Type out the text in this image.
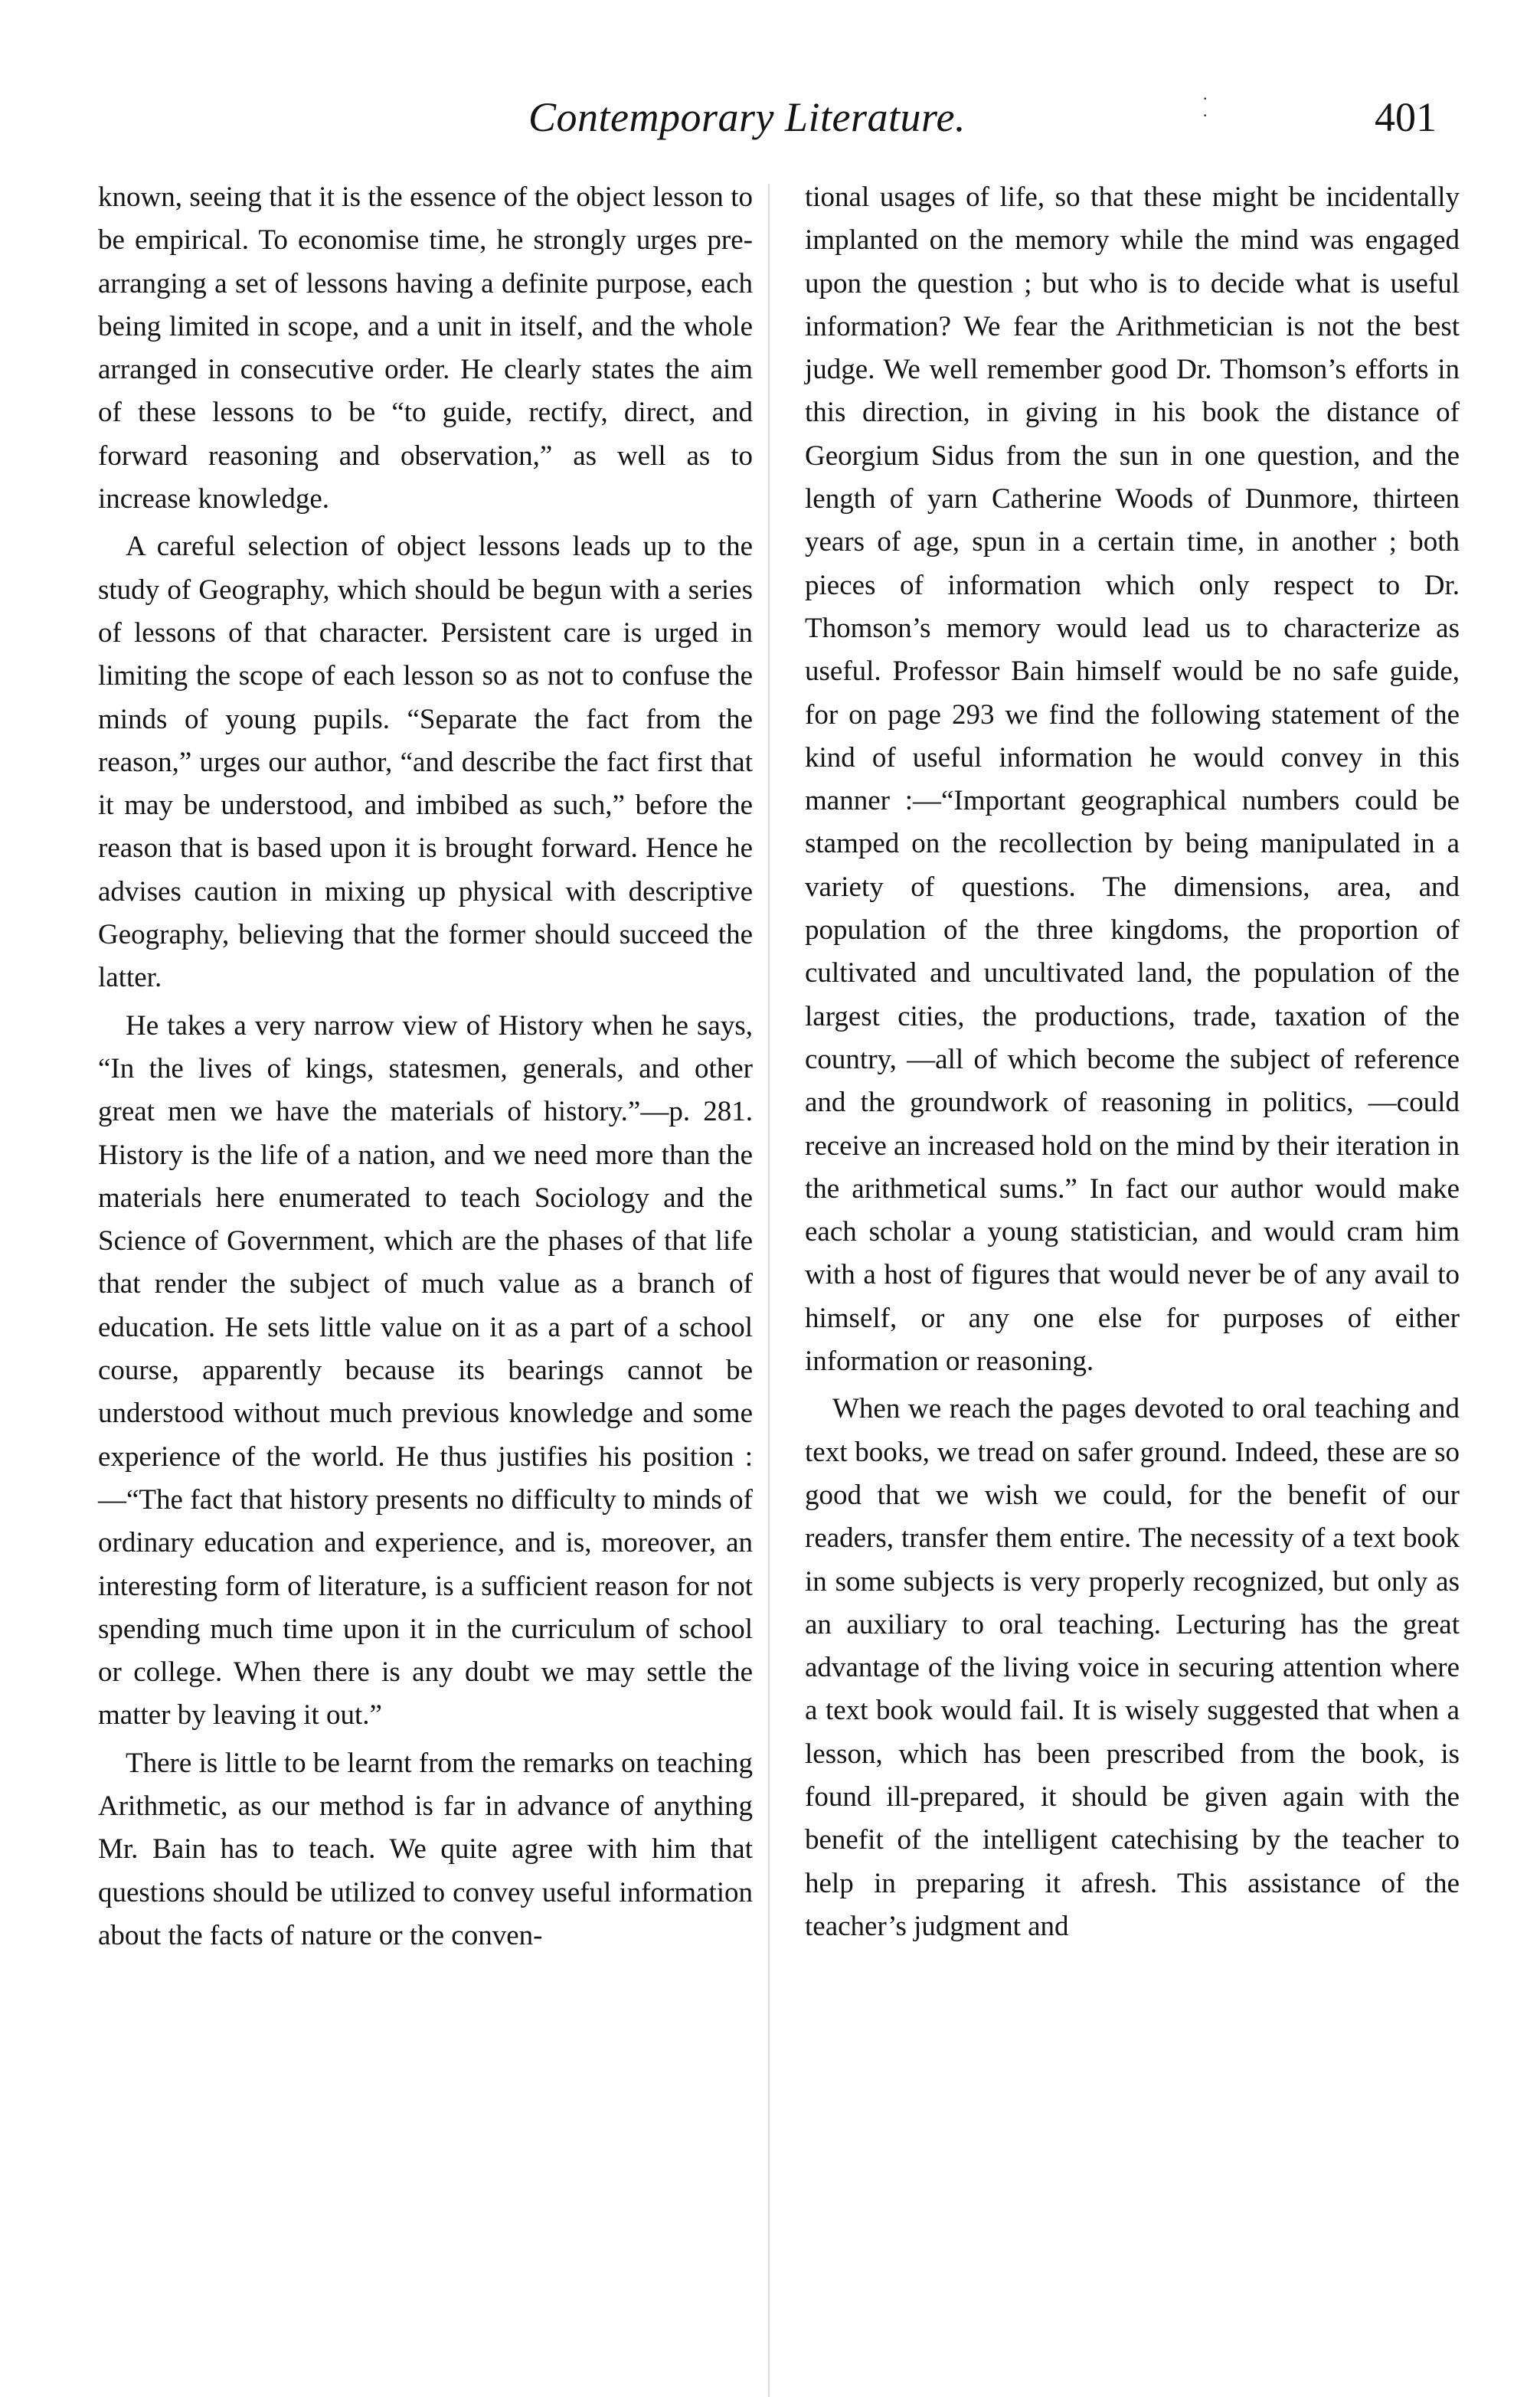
Contemporary Literature.	401
·
·

known, seeing that it is the essence of the object lesson to be empirical. To economise time, he strongly urges pre-arranging a set of lessons having a definite purpose, each being limited in scope, and a unit in itself, and the whole arranged in consecutive order. He clearly states the aim of these lessons to be “to guide, rectify, direct, and forward reasoning and observation,” as well as to increase knowledge.

A careful selection of object lessons leads up to the study of Geography, which should be begun with a series of lessons of that character. Persistent care is urged in limiting the scope of each lesson so as not to confuse the minds of young pupils. “Separate the fact from the reason,” urges our author, “and describe the fact first that it may be understood, and imbibed as such,” before the reason that is based upon it is brought forward. Hence he advises caution in mixing up physical with descriptive Geography, believing that the former should succeed the latter.

He takes a very narrow view of History when he says, “In the lives of kings, statesmen, generals, and other great men we have the materials of history.”—p. 281. History is the life of a nation, and we need more than the materials here enumerated to teach Sociology and the Science of Government, which are the phases of that life that render the subject of much value as a branch of education. He sets little value on it as a part of a school course, apparently because its bearings cannot be understood without much previous knowledge and some experience of the world. He thus justifies his position :—“The fact that history presents no difficulty to minds of ordinary education and experience, and is, moreover, an interesting form of literature, is a sufficient reason for not spending much time upon it in the curriculum of school or college. When there is any doubt we may settle the matter by leaving it out.”

There is little to be learnt from the remarks on teaching Arithmetic, as our method is far in advance of anything Mr. Bain has to teach. We quite agree with him that questions should be utilized to convey useful information about the facts of nature or the conven-

tional usages of life, so that these might be incidentally implanted on the memory while the mind was engaged upon the question ; but who is to decide what is useful information? We fear the Arithmetician is not the best judge. We well remember good Dr. Thomson’s efforts in this direction, in giving in his book the distance of Georgium Sidus from the sun in one question, and the length of yarn Catherine Woods of Dunmore, thirteen years of age, spun in a certain time, in another ; both pieces of information which only respect to Dr. Thomson’s memory would lead us to characterize as useful. Professor Bain himself would be no safe guide, for on page 293 we find the following statement of the kind of useful information he would convey in this manner :—“Important geographical numbers could be stamped on the recollection by being manipulated in a variety of questions. The dimensions, area, and population of the three kingdoms, the proportion of cultivated and uncultivated land, the population of the largest cities, the productions, trade, taxation of the country, —all of which become the subject of reference and the groundwork of reasoning in politics, —could receive an increased hold on the mind by their iteration in the arithmetical sums.” In fact our author would make each scholar a young statistician, and would cram him with a host of figures that would never be of any avail to himself, or any one else for purposes of either information or reasoning.

When we reach the pages devoted to oral teaching and text books, we tread on safer ground. Indeed, these are so good that we wish we could, for the benefit of our readers, transfer them entire. The necessity of a text book in some subjects is very properly recognized, but only as an auxiliary to oral teaching. Lecturing has the great advantage of the living voice in securing attention where a text book would fail. It is wisely suggested that when a lesson, which has been prescribed from the book, is found ill-prepared, it should be given again with the benefit of the intelligent catechising by the teacher to help in preparing it afresh. This assistance of the teacher’s judgment and
